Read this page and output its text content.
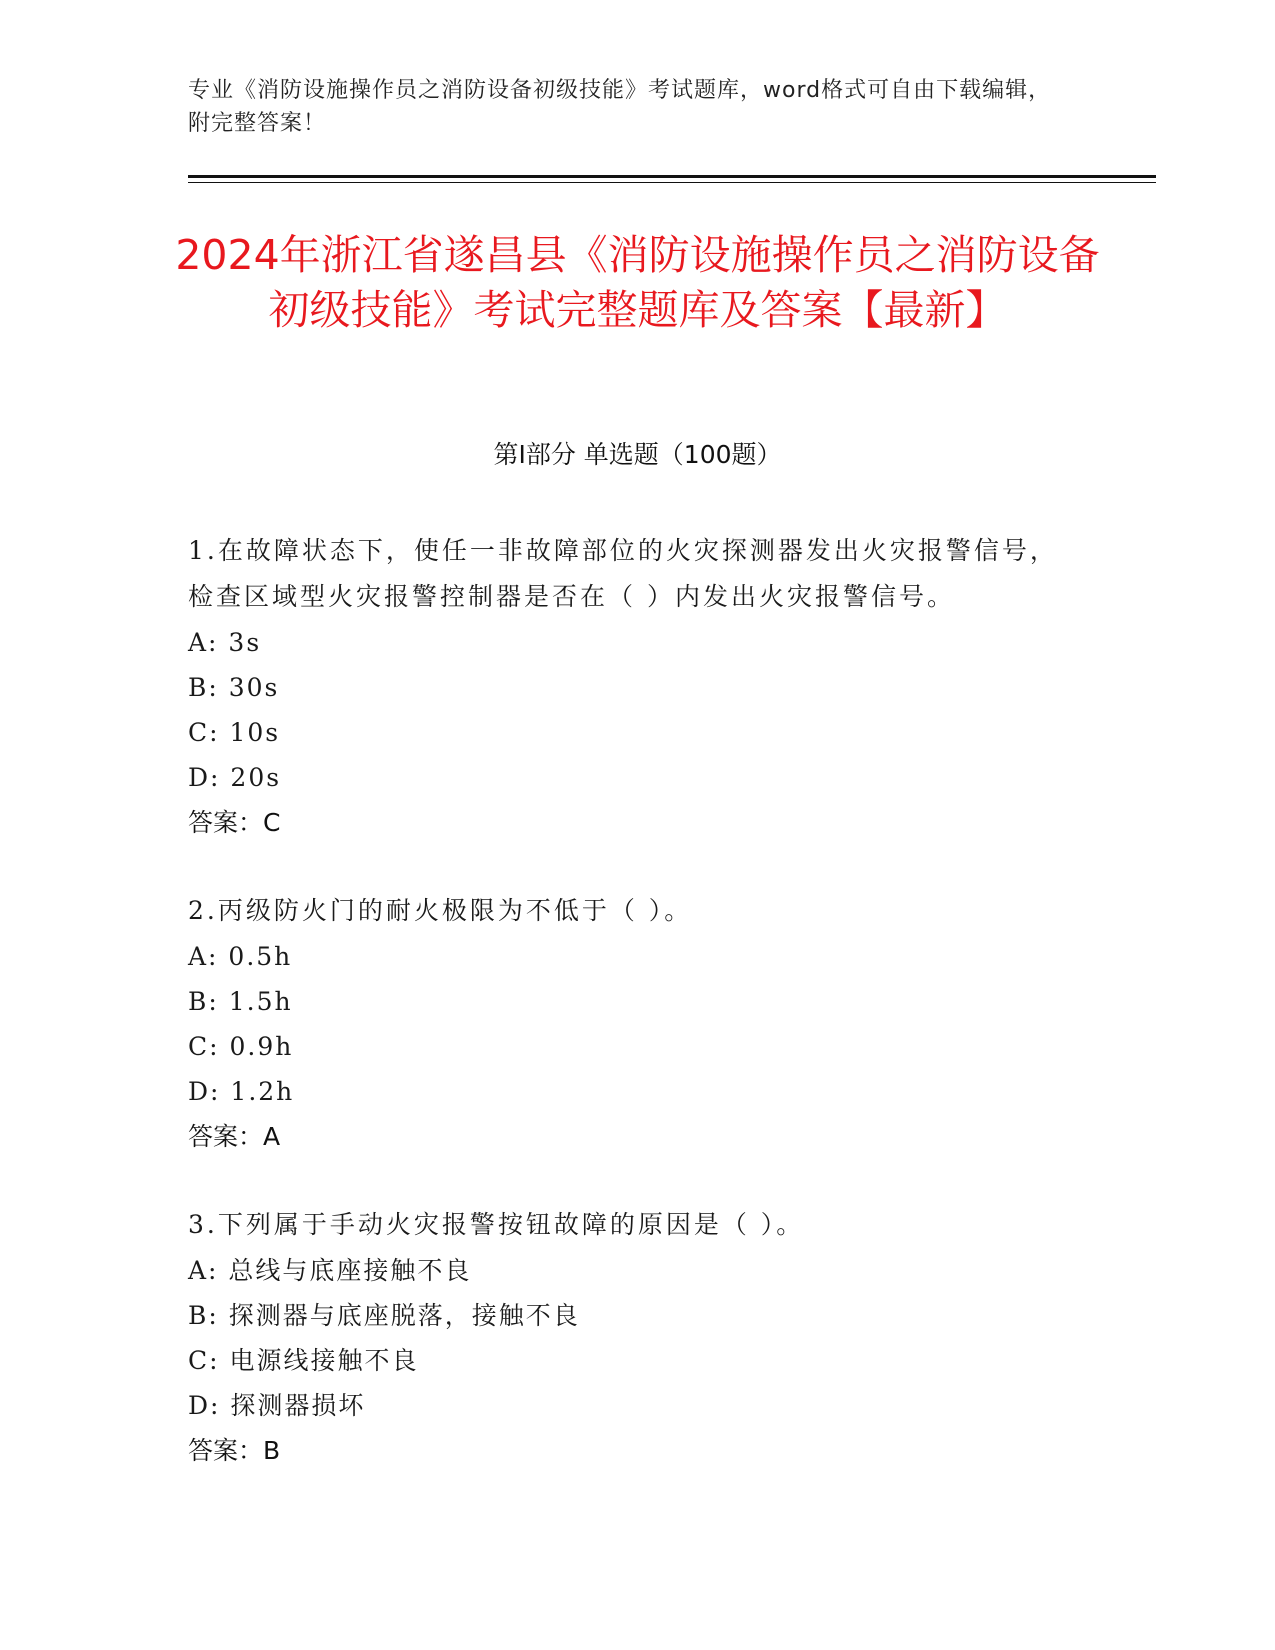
专业《消防设施操作员之消防设备初级技能》考试题库，word格式可自由下载编辑，附完整答案！
2024年浙江省遂昌县《消防设施操作员之消防设备初级技能》考试完整题库及答案【最新】
第Ⅰ部分 单选题（100题）
1.在故障状态下，使任一非故障部位的火灾探测器发出火灾报警信号，检查区域型火灾报警控制器是否在（ ）内发出火灾报警信号。
A: 3s
B: 30s
C: 10s
D: 20s
答案：C
2.丙级防火门的耐火极限为不低于（ ）。
A: 0.5h
B: 1.5h
C: 0.9h
D: 1.2h
答案：A
3.下列属于手动火灾报警按钮故障的原因是（ ）。
A: 总线与底座接触不良
B: 探测器与底座脱落，接触不良
C: 电源线接触不良
D: 探测器损坏
答案：B
